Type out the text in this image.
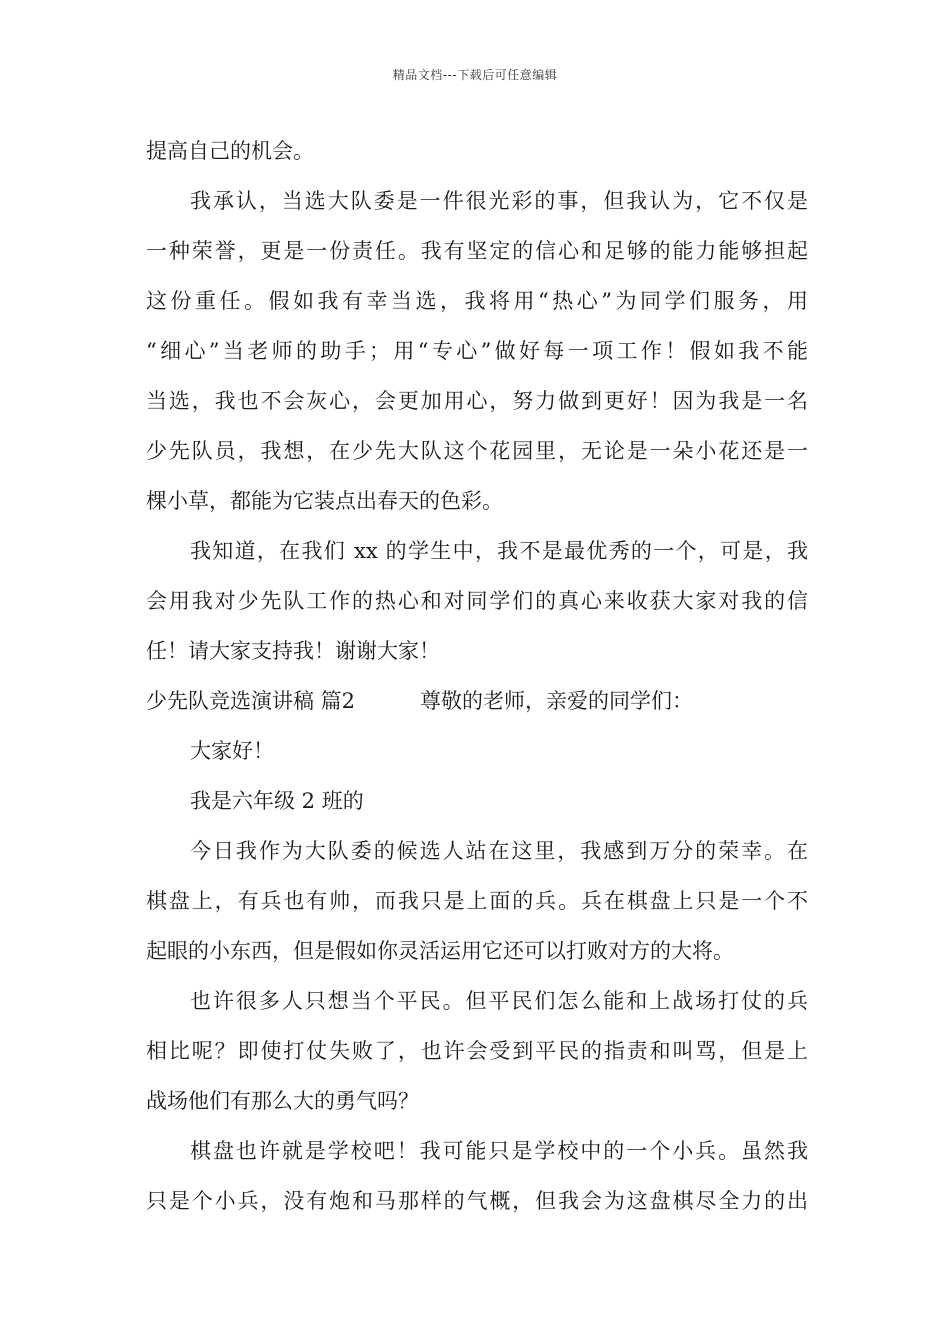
精品文档---下载后可任意编辑
提高自己的机会。
我承认，当选大队委是一件很光彩的事，但我认为，它不仅是
一种荣誉，更是一份责任。我有坚定的信心和足够的能力能够担起
这份重任。假如我有幸当选，我将用“热心”为同学们服务，用
“细心”当老师的助手；用“专心”做好每一项工作！假如我不能
当选，我也不会灰心，会更加用心，努力做到更好！因为我是一名
少先队员，我想，在少先大队这个花园里，无论是一朵小花还是一
棵小草，都能为它装点出春天的色彩。
我知道，在我们 xx 的学生中，我不是最优秀的一个，可是，我
会用我对少先队工作的热心和对同学们的真心来收获大家对我的信
任！请大家支持我！谢谢大家！
少先队竞选演讲稿 篇2	尊敬的老师，亲爱的同学们：
大家好！
我是六年级 2 班的
今日我作为大队委的候选人站在这里，我感到万分的荣幸。在
棋盘上，有兵也有帅，而我只是上面的兵。兵在棋盘上只是一个不
起眼的小东西，但是假如你灵活运用它还可以打败对方的大将。
也许很多人只想当个平民。但平民们怎么能和上战场打仗的兵
相比呢？即使打仗失败了，也许会受到平民的指责和叫骂，但是上
战场他们有那么大的勇气吗？
棋盘也许就是学校吧！我可能只是学校中的一个小兵。虽然我
只是个小兵，没有炮和马那样的气概，但我会为这盘棋尽全力的出
